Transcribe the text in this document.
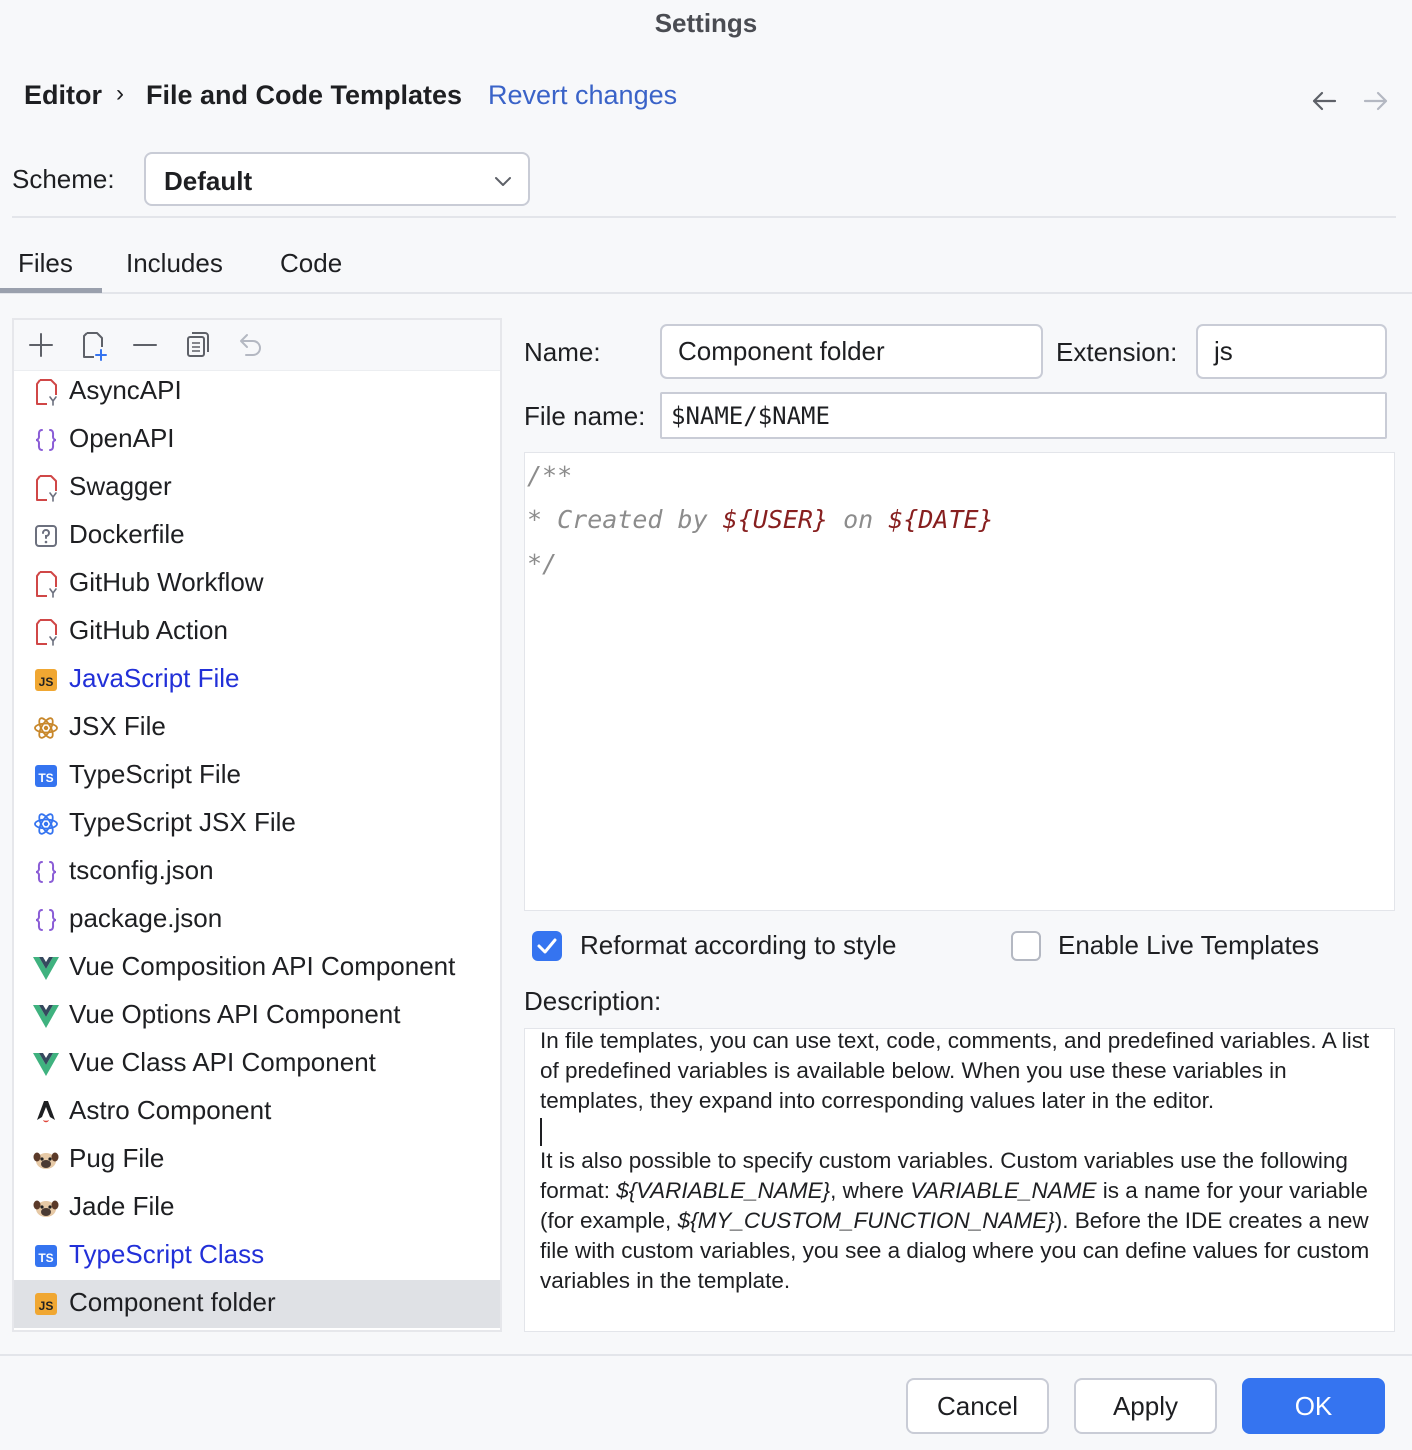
Settings
Editor › File and Code Templates Revert changes
Scheme: Default
Files Includes Code
AsyncAPI
OpenAPI
Swagger
Dockerfile
GitHub Workflow
GitHub Action
JS JavaScript File
JSX File
TS TypeScript File
TypeScript JSX File
tsconfig.json
package.json
Vue Composition API Component
Vue Options API Component
Vue Class API Component
Astro Component
Pug File
Jade File
TS TypeScript Class
JS Component folder
Name:	Component folder	Extension: js
File name: $NAME/$NAME
/**
* Created by ${USER} on ${DATE}
*/
Reformat according to style	Enable Live Templates
Description:

In file templates, you can use text, code, comments, and predefined variables. A list of predefined variables is available below. When you use these variables in templates, they expand into corresponding values later in the editor.

It is also possible to specify custom variables. Custom variables use the following format: ${VARIABLE_NAME}, where VARIABLE_NAME is a name for your variable (for example, ${MY_CUSTOM_FUNCTION_NAME}). Before the IDE creates a new file with custom variables, you see a dialog where you can define values for custom variables in the template.

Cancel	Apply	OK
